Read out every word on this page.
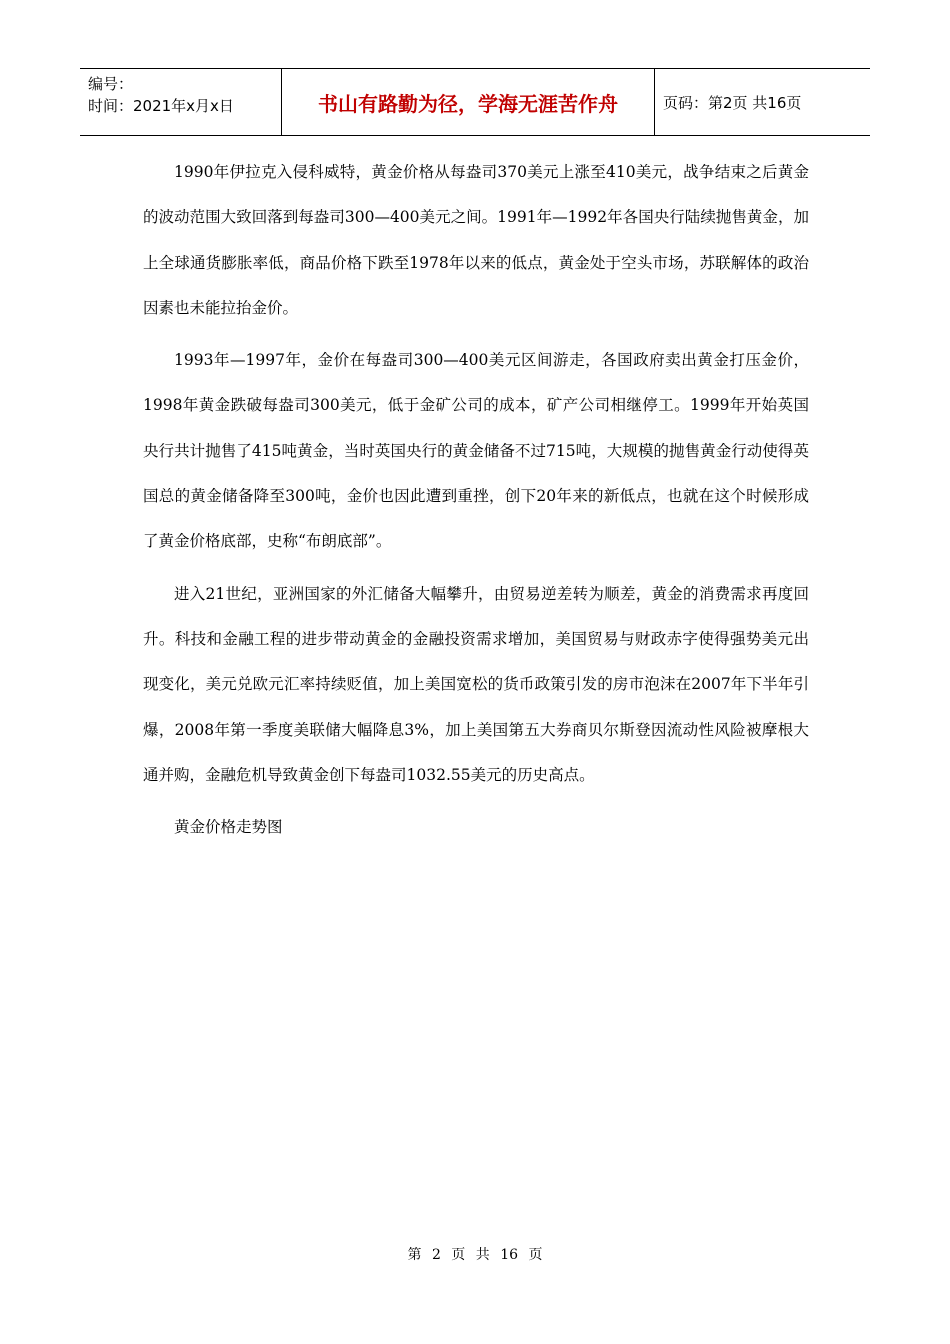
编号：
时间：2021年x月x日	书山有路勤为径，学海无涯苦作舟	页码：第2页 共16页

1990年伊拉克入侵科威特，黄金价格从每盎司370美元上涨至410美元，战争结束之后黄金的波动范围大致回落到每盎司300—400美元之间。1991年—1992年各国央行陆续抛售黄金，加上全球通货膨胀率低，商品价格下跌至1978年以来的低点，黄金处于空头市场，苏联解体的政治因素也未能拉抬金价。

1993年—1997年，金价在每盎司300—400美元区间游走，各国政府卖出黄金打压金价，1998年黄金跌破每盎司300美元，低于金矿公司的成本，矿产公司相继停工。1999年开始英国央行共计抛售了415吨黄金，当时英国央行的黄金储备不过715吨，大规模的抛售黄金行动使得英国总的黄金储备降至300吨，金价也因此遭到重挫，创下20年来的新低点，也就在这个时候形成了黄金价格底部，史称“布朗底部”。

进入21世纪，亚洲国家的外汇储备大幅攀升，由贸易逆差转为顺差，黄金的消费需求再度回升。科技和金融工程的进步带动黄金的金融投资需求增加，美国贸易与财政赤字使得强势美元出现变化，美元兑欧元汇率持续贬值，加上美国宽松的货币政策引发的房市泡沫在2007年下半年引爆，2008年第一季度美联储大幅降息3%，加上美国第五大券商贝尔斯登因流动性风险被摩根大通并购，金融危机导致黄金创下每盎司1032.55美元的历史高点。

黄金价格走势图

第 2 页 共 16 页
